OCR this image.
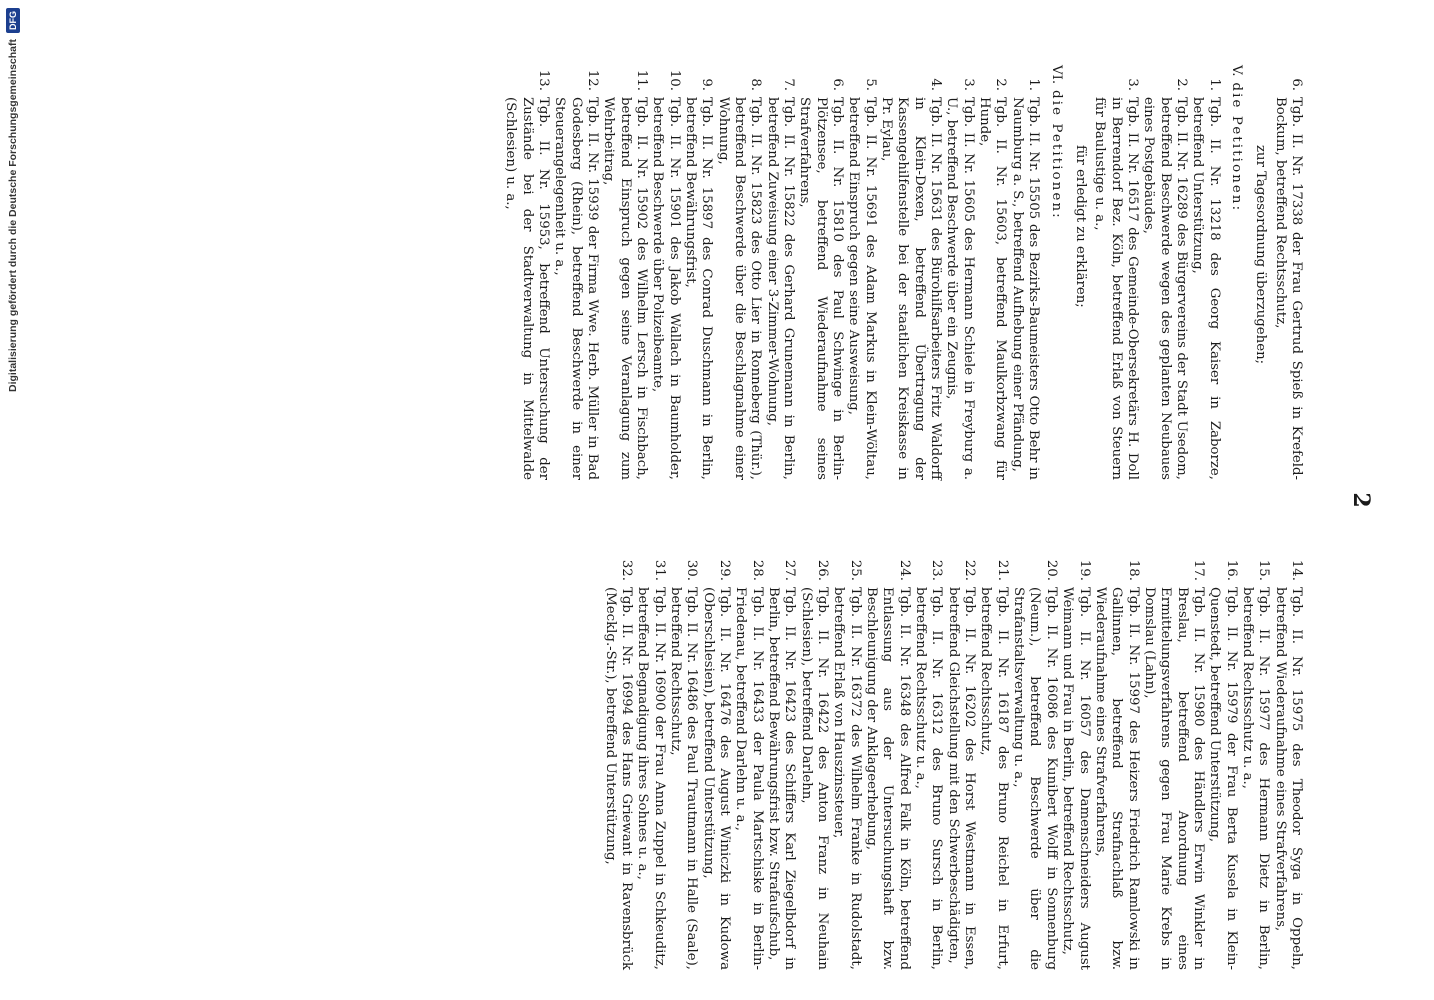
2

6.
Tgb. II. Nr. 17338 der Frau Gertrud Spieß in Krefeld-Bockum, betreffend Rechtsschutz,

zur Tagesordnung überzugehen;

V.die Petitionen:

1.
Tgb. II. Nr. 13218 des Georg Kaiser in Zaborze, betreffend Unterstützung,

2.
Tgb. II. Nr. 16289 des Bürgervereins der Stadt Usedom, betreffend Beschwerde wegen des geplanten Neubaues eines Postgebäudes,

3.
Tgb. II. Nr. 16517 des Gemeinde-Obersekretärs H. Doll in Berrendorf Bez. Köln, betreffend Erlaß von Steuern für Baulustige u. a.,

für erledigt zu erklären;

VI.die Petitionen:

1.
Tgb. II. Nr. 15505 des Bezirks-Baumeisters Otto Behr in Naumburg a. S., betreffend Aufhebung einer Pfändung,

2.
Tgb. II. Nr. 15603, betreffend Maulkorbzwang für Hunde,

3.
Tgb. II. Nr. 15605 des Hermann Schiele in Freyburg a. U., betreffend Beschwerde über ein Zeugnis,

4.
Tgb. II. Nr. 15631 des Bürohilfsarbeiters Fritz Waldorff in Klein-Dexen, betreffend Übertragung der Kassengehilfenstelle bei der staatlichen Kreiskasse in Pr. Eylau,

5.
Tgb. II. Nr. 15691 des Adam Markus in Klein-Wöltau, betreffend Einspruch gegen seine Ausweisung,

6.
Tgb. II. Nr. 15810 des Paul Schwinge in Berlin-Plötzensee, betreffend Wiederaufnahme seines Strafverfahrens,

7.
Tgb. II. Nr. 15822 des Gerhard Grunemann in Berlin, betreffend Zuweisung einer 3-Zimmer-Wohnung,

8.
Tgb. II. Nr. 15823 des Otto Lier in Ronneberg (Thür.), betreffend Beschwerde über die Beschlagnahme einer Wohnung,

9.
Tgb. II. Nr. 15897 des Conrad Duschmann in Berlin, betreffend Bewährungsfrist,

10.
Tgb. II. Nr. 15901 des Jakob Wallach in Baumholder, betreffend Beschwerde über Polizeibeamte,

11.
Tgb. II. Nr. 15902 des Wilhelm Lersch in Fischbach, betreffend Einspruch gegen seine Veranlagung zum Wehrbeitrag,

12.
Tgb. II. Nr. 15939 der Firma Wwe. Herb. Müller in Bad Godesberg (Rhein), betreffend Beschwerde in einer Steuerangelegenheit u. a.,

13.
Tgb. II. Nr. 15953, betreffend Untersuchung der Zustände bei der Stadtverwaltung in Mittelwalde (Schlesien) u. a.,

14.
Tgb. II. Nr. 15975 des Theodor Syga in Oppeln, betreffend Wiederaufnahme eines Strafverfahrens,

15.
Tgb. II. Nr. 15977 des Hermann Dietz in Berlin, betreffend Rechtsschutz u. a.,

16.
Tgb. II. Nr. 15979 der Frau Berta Kusela in Klein-Quenstedt, betreffend Unterstützung,

17.
Tgb. II. Nr. 15980 des Händlers Erwin Winkler in Breslau, betreffend Anordnung eines Ermittelungsverfahrens gegen Frau Marie Krebs in Domslau (Lahn),

18.
Tgb. II. Nr. 15997 des Heizers Friedrich Ramlowski in Gallinnen, betreffend Strafnachlaß bzw. Wiederaufnahme eines Strafverfahrens,

19.
Tgb. II. Nr. 16057 des Damenschneiders August Weimann und Frau in Berlin, betreffend Rechtsschutz,

20.
Tgb. II. Nr. 16086 des Kunibert Wolff in Sonnenburg (Neum.), betreffend Beschwerde über die Strafanstaltsverwaltung u. a.,

21.
Tgb. II. Nr. 16187 des Bruno Reichel in Erfurt, betreffend Rechtsschutz,

22.
Tgb. II. Nr. 16202 des Horst Westmann in Essen, betreffend Gleichstellung mit den Schwerbeschädigten,

23.
Tgb. II. Nr. 16312 des Bruno Sursch in Berlin, betreffend Rechtsschutz u. a.,

24.
Tgb. II. Nr. 16348 des Alfred Falk in Köln, betreffend Entlassung aus der Untersuchungshaft bzw. Beschleunigung der Anklageerhebung,

25.
Tgb. II. Nr. 16372 des Wilhelm Franke in Rudolstadt, betreffend Erlaß von Hauszinssteuer,

26.
Tgb. II. Nr. 16422 des Anton Franz in Neuhain (Schlesien), betreffend Darlehn,

27.
Tgb. II. Nr. 16423 des Schiffers Karl Ziegelbdorf in Berlin, betreffend Bewährungsfrist bzw. Strafaufschub,

28.
Tgb. II. Nr. 16433 der Paula Martschiske in Berlin-Friedenau, betreffend Darlehn u. a.,

29.
Tgb. II. Nr. 16476 des August Winiczki in Kudowa (Oberschlesien), betreffend Unterstützung,

30.
Tgb. II. Nr. 16486 des Paul Trautmann in Halle (Saale), betreffend Rechtsschutz,

31.
Tgb. II. Nr. 16900 der Frau Anna Zuppel in Schkeuditz, betreffend Begnadigung ihres Sohnes u. a.,

32.
Tgb. II. Nr. 16994 des Hans Griewant in Ravensbrück (Mecklg.-Str.), betreffend Unterstützung,

Digitalisierung gefördert durch die Deutsche Forschungsgemeinschaft
DFG
